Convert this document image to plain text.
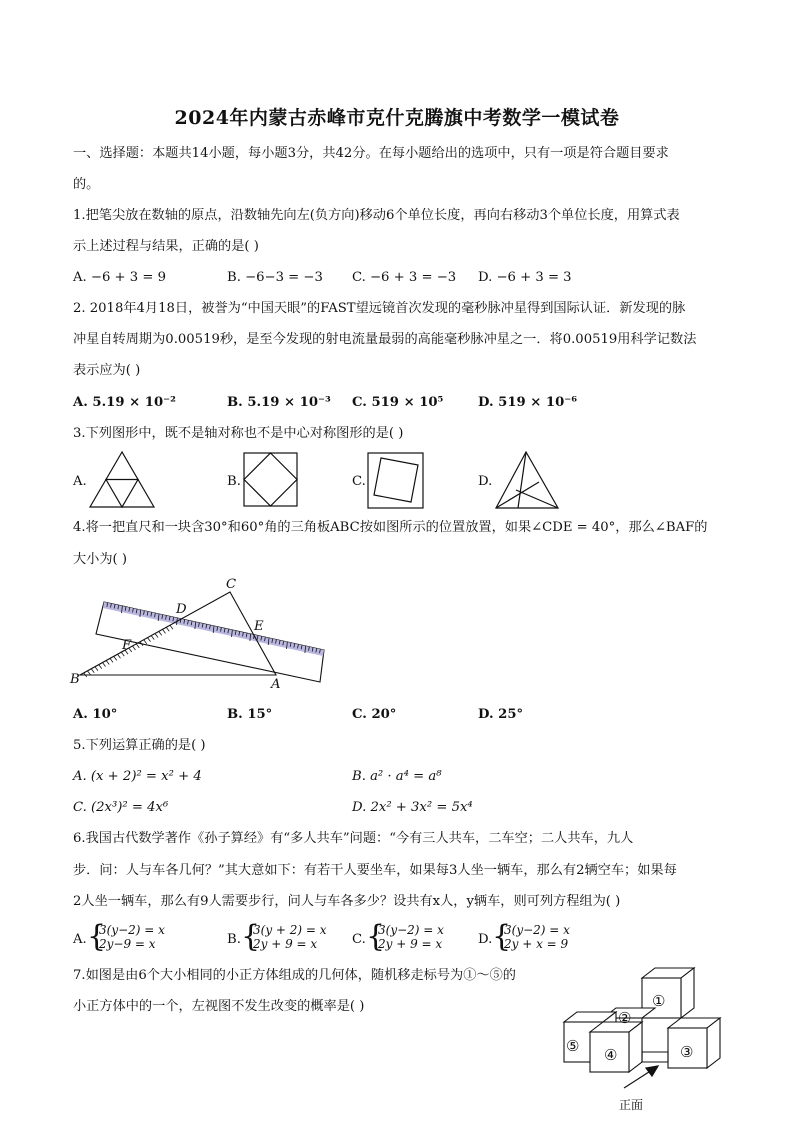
2024年内蒙古赤峰市克什克腾旗中考数学一模试卷
一、选择题：本题共14小题，每小题3分，共42分。在每小题给出的选项中，只有一项是符合题目要求
的。
1.把笔尖放在数轴的原点，沿数轴先向左(负方向)移动6个单位长度，再向右移动3个单位长度，用算式表
示上述过程与结果，正确的是( )
A. −6 + 3 = 9	B. −6−3 = −3 C. −6 + 3 = −3 D. −6 + 3 = 3
2. 2018年4月18日，被誉为“中国天眼”的FAST望远镜首次发现的毫秒脉冲星得到国际认证．新发现的脉
冲星自转周期为0.00519秒，是至今发现的射电流量最弱的高能毫秒脉冲星之一．将0.00519用科学记数法
表示应为( )
A. 5.19 × 10⁻²	B. 5.19 × 10⁻³ C. 519 × 10⁵	D. 519 × 10⁻⁶
3.下列图形中，既不是轴对称也不是中心对称图形的是( )
A.	B.	C.	D.
4.将一把直尺和一块含30°和60°角的三角板ABC按如图所示的位置放置，如果∠CDE = 40°，那么∠BAF的
大小为( )
C
D
E
F
B	A
A. 10°	B. 15°	C. 20°	D. 25°
5.下列运算正确的是( )
A. (x + 2)² = x² + 4	B. a² · a⁴ = a⁸
C. (2x³)² = 4x⁶	D. 2x² + 3x² = 5x⁴
6.我国古代数学著作《孙子算经》有“多人共车”问题：“今有三人共车，二车空；二人共车，九人
步．问：人与车各几何？”其大意如下：有若干人要坐车，如果每3人坐一辆车，那么有2辆空车；如果每
2人坐一辆车，那么有9人需要步行，问人与车各多少？设共有x人，y辆车，则可列方程组为( )
A. {
3(y−2) = x
2y−9 = x	B. {
3(y + 2) = x
2y + 9 = x	C. {
3(y−2) = x
2y + 9 = x	D. {
3(y−2) = x
2y + x = 9
7.如图是由6个大小相同的小正方体组成的几何体，随机移走标号为①～⑤的
小正方体中的一个，左视图不发生改变的概率是( )	①
②
③
④
⑤
正面
